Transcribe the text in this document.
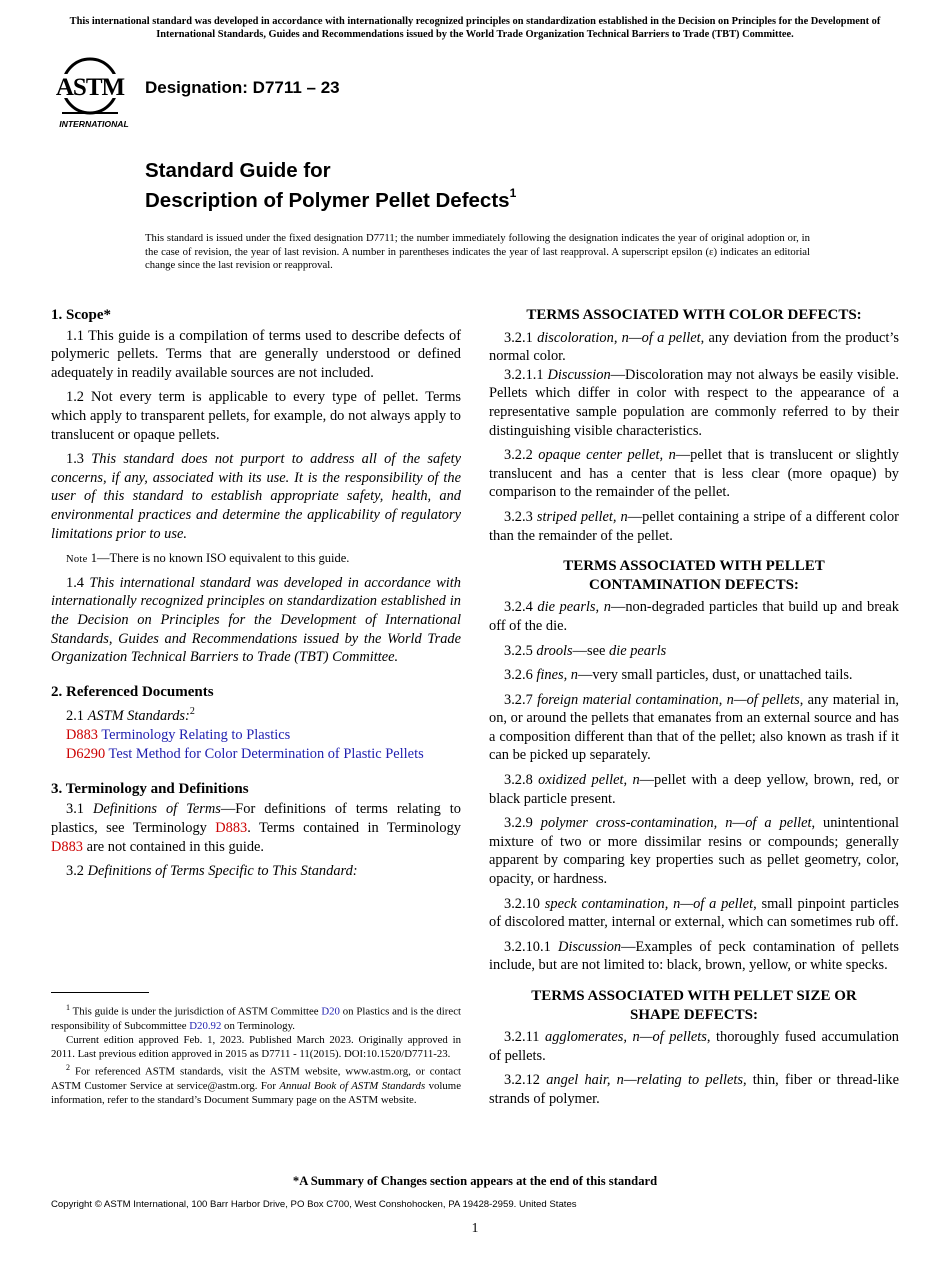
This international standard was developed in accordance with internationally recognized principles on standardization established in the Decision on Principles for the Development of International Standards, Guides and Recommendations issued by the World Trade Organization Technical Barriers to Trade (TBT) Committee.
ASTM
INTERNATIONAL
Designation: D7711 – 23
Standard Guide for
Description of Polymer Pellet Defects$^1$
This standard is issued under the fixed designation D7711; the number immediately following the designation indicates the year of original adoption or, in the case of revision, the year of last revision. A number in parentheses indicates the year of last reapproval. A superscript epsilon (ε) indicates an editorial change since the last revision or reapproval.
1. Scope*

1.1 This guide is a compilation of terms used to describe defects of polymeric pellets. Terms that are generally understood or defined adequately in readily available sources are not included.

1.2 Not every term is applicable to every type of pellet. Terms which apply to transparent pellets, for example, do not always apply to translucent or opaque pellets.

1.3 This standard does not purport to address all of the safety concerns, if any, associated with its use. It is the responsibility of the user of this standard to establish appropriate safety, health, and environmental practices and determine the applicability of regulatory limitations prior to use.

Note 1—There is no known ISO equivalent to this guide.

1.4 This international standard was developed in accordance with internationally recognized principles on standardization established in the Decision on Principles for the Development of International Standards, Guides and Recommendations issued by the World Trade Organization Technical Barriers to Trade (TBT) Committee.

2. Referenced Documents

2.1 ASTM Standards:$^2$

D883 Terminology Relating to Plastics

D6290 Test Method for Color Determination of Plastic Pellets

3. Terminology and Definitions

3.1 Definitions of Terms—For definitions of terms relating to plastics, see Terminology D883. Terms contained in Terminology D883 are not contained in this guide.

3.2 Definitions of Terms Specific to This Standard:

TERMS ASSOCIATED WITH COLOR DEFECTS:

3.2.1 discoloration, n—of a pellet, any deviation from the product’s normal color.

3.2.1.1 Discussion—Discoloration may not always be easily visible. Pellets which differ in color with respect to the appearance of a representative sample population are commonly referred to by their distinguishing visible characteristics.

3.2.2 opaque center pellet, n—pellet that is translucent or slightly translucent and has a center that is less clear (more opaque) by comparison to the remainder of the pellet.

3.2.3 striped pellet, n—pellet containing a stripe of a different color than the remainder of the pellet.

TERMS ASSOCIATED WITH PELLET
CONTAMINATION DEFECTS:

3.2.4 die pearls, n—non-degraded particles that build up and break off of the die.

3.2.5 drools—see die pearls

3.2.6 fines, n—very small particles, dust, or unattached tails.

3.2.7 foreign material contamination, n—of pellets, any material in, on, or around the pellets that emanates from an external source and has a composition different than that of the pellet; also known as trash if it can be picked up separately.

3.2.8 oxidized pellet, n—pellet with a deep yellow, brown, red, or black particle present.

3.2.9 polymer cross-contamination, n—of a pellet, unintentional mixture of two or more dissimilar resins or compounds; generally apparent by comparing key properties such as pellet geometry, color, opacity, or hardness.

3.2.10 speck contamination, n—of a pellet, small pinpoint particles of discolored matter, internal or external, which can sometimes rub off.

3.2.10.1 Discussion—Examples of peck contamination of pellets include, but are not limited to: black, brown, yellow, or white specks.

TERMS ASSOCIATED WITH PELLET SIZE OR
SHAPE DEFECTS:

3.2.11 agglomerates, n—of pellets, thoroughly fused accumulation of pellets.

3.2.12 angel hair, n—relating to pellets, thin, fiber or thread-like strands of polymer.

$^1$ This guide is under the jurisdiction of ASTM Committee D20 on Plastics and is the direct responsibility of Subcommittee D20.92 on Terminology.

Current edition approved Feb. 1, 2023. Published March 2023. Originally approved in 2011. Last previous edition approved in 2015 as D7711 - 11(2015). DOI:10.1520/D7711-23.

$^2$ For referenced ASTM standards, visit the ASTM website, www.astm.org, or contact ASTM Customer Service at service@astm.org. For Annual Book of ASTM Standards volume information, refer to the standard’s Document Summary page on the ASTM website.

*A Summary of Changes section appears at the end of this standard
Copyright © ASTM International, 100 Barr Harbor Drive, PO Box C700, West Conshohocken, PA 19428-2959. United States
1
